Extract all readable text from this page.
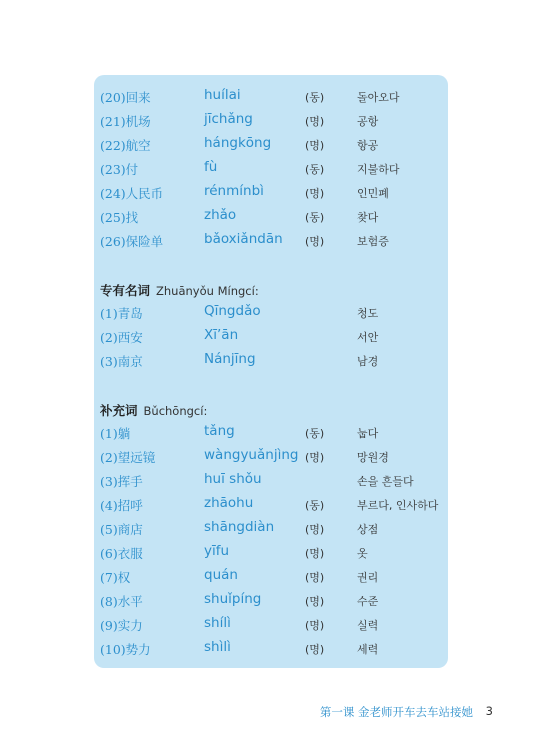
(20)回来	huílai	(동)	돌아오다
(21)机场	jīchǎng	(명)	공항
(22)航空	hángkōng	(명)	항공
(23)付	fù	(동)	지불하다
(24)人民币	rénmínbì	(명)	인민폐
(25)找	zhǎo	(동)	찾다
(26)保险单	bǎoxiǎndān (명)	보험증
专有名词 Zhuānyǒu Míngcí:
(1)青岛	Qīngdǎo	청도
(2)西安	Xī’ān	서안
(3)南京	Nánjīng	남경
补充词 Bǔchōngcí:
(1)躺	tǎng	(동)	눕다
(2)望远镜	wàngyuǎnjìng (명)	망원경
(3)挥手	huī shǒu	손을 흔들다
(4)招呼	zhāohu	(동)	부르다, 인사하다
(5)商店	shāngdiàn	(명)	상점
(6)衣服	yīfu	(명)	옷
(7)权	quán	(명)	권리
(8)水平	shuǐpíng	(명)	수준
(9)实力	shílì	(명)	실력
(10)势力	shìlì	(명)	세력
第一课 金老师开车去车站接她 3
